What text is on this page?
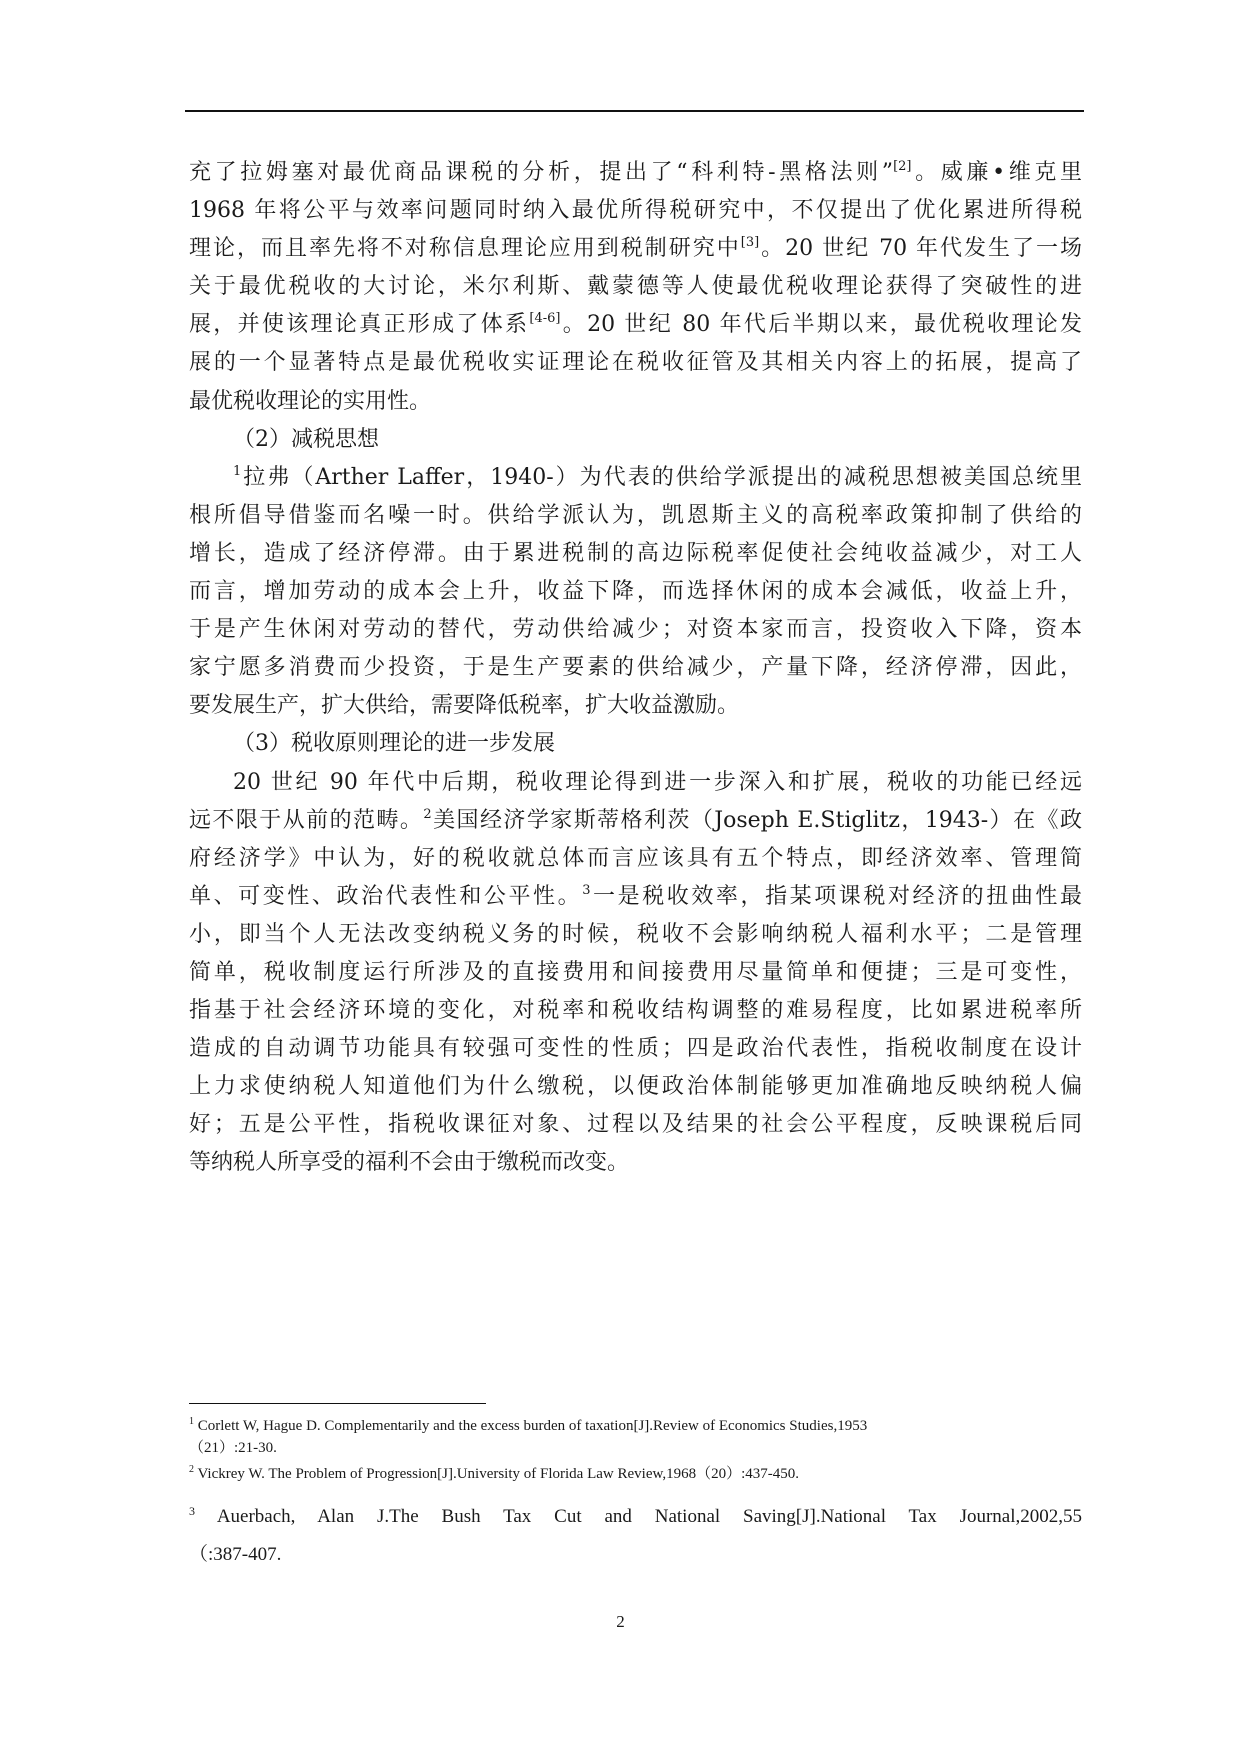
充了拉姆塞对最优商品课税的分析，提出了“科利特-黑格法则”[2]。威廉•维克里
1968 年将公平与效率问题同时纳入最优所得税研究中，不仅提出了优化累进所得税
理论，而且率先将不对称信息理论应用到税制研究中[3]。20 世纪 70 年代发生了一场
关于最优税收的大讨论，米尔利斯、戴蒙德等人使最优税收理论获得了突破性的进
展，并使该理论真正形成了体系[4-6]。20 世纪 80 年代后半期以来，最优税收理论发
展的一个显著特点是最优税收实证理论在税收征管及其相关内容上的拓展，提高了
最优税收理论的实用性。
（2）减税思想
$^1$拉弗（Arther Laffer，1940-）为代表的供给学派提出的减税思想被美国总统里
根所倡导借鉴而名噪一时。供给学派认为，凯恩斯主义的高税率政策抑制了供给的
增长，造成了经济停滞。由于累进税制的高边际税率促使社会纯收益减少，对工人
而言，增加劳动的成本会上升，收益下降，而选择休闲的成本会减低，收益上升，
于是产生休闲对劳动的替代，劳动供给减少；对资本家而言，投资收入下降，资本
家宁愿多消费而少投资，于是生产要素的供给减少，产量下降，经济停滞，因此，
要发展生产，扩大供给，需要降低税率，扩大收益激励。
（3）税收原则理论的进一步发展
20 世纪 90 年代中后期，税收理论得到进一步深入和扩展，税收的功能已经远
远不限于从前的范畴。$^2$美国经济学家斯蒂格利茨（Joseph E.Stiglitz，1943-）在《政
府经济学》中认为，好的税收就总体而言应该具有五个特点，即经济效率、管理简
单、可变性、政治代表性和公平性。$^3$一是税收效率，指某项课税对经济的扭曲性最
小，即当个人无法改变纳税义务的时候，税收不会影响纳税人福利水平；二是管理
简单，税收制度运行所涉及的直接费用和间接费用尽量简单和便捷；三是可变性，
指基于社会经济环境的变化，对税率和税收结构调整的难易程度，比如累进税率所
造成的自动调节功能具有较强可变性的性质；四是政治代表性，指税收制度在设计
上力求使纳税人知道他们为什么缴税，以便政治体制能够更加准确地反映纳税人偏
好；五是公平性，指税收课征对象、过程以及结果的社会公平程度，反映课税后同
等纳税人所享受的福利不会由于缴税而改变。

$^1$ Corlett W, Hague D. Complementarily and the excess burden of taxation[J].Review of Economics Studies,1953
（21）:21-30.

$^2$ Vickrey W. The Problem of Progression[J].University of Florida Law Review,1968（20）:437-450.

$^3$ Auerbach, Alan J.The Bush Tax Cut and National Saving[J].National Tax Journal,2002,55
（:387-407.
2
